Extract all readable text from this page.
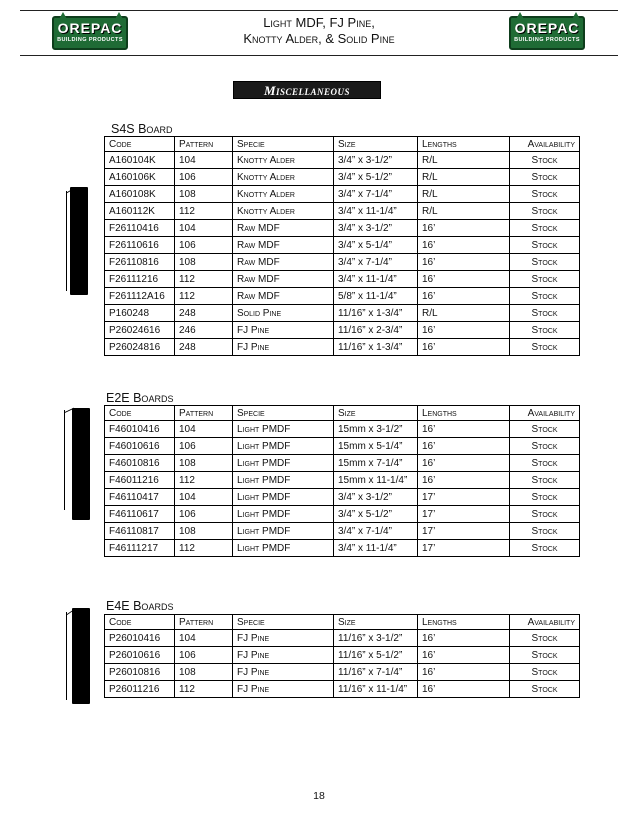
OREPAC
BUILDING PRODUCTS
OREPAC
BUILDING PRODUCTS
Light MDF, FJ Pine,
Knotty Alder, & Solid Pine
Miscellaneous
S4S Board
Code	Pattern	Specie	Size	Lengths	Availability
A160104K	104	Knotty Alder	3/4” x 3-1/2”	R/L	Stock
A160106K	106	Knotty Alder	3/4” x 5-1/2”	R/L	Stock
A160108K	108	Knotty Alder	3/4” x 7-1/4”	R/L	Stock
A160112K	112	Knotty Alder	3/4” x 11-1/4”	R/L	Stock
F26110416	104	Raw MDF	3/4” x 3-1/2”	16’	Stock
F26110616	106	Raw MDF	3/4” x 5-1/4”	16’	Stock
F26110816	108	Raw MDF	3/4” x 7-1/4”	16’	Stock
F26111216	112	Raw MDF	3/4” x 11-1/4”	16’	Stock
F261112A16	112	Raw MDF	5/8” x 11-1/4”	16’	Stock
P160248	248	Solid Pine	11/16” x 1-3/4”	R/L	Stock
P26024616	246	FJ Pine	11/16” x 2-3/4”	16’	Stock
P26024816	248	FJ Pine	11/16” x 1-3/4”	16’	Stock
E2E Boards
Code	Pattern	Specie	Size	Lengths	Availability
F46010416	104	Light PMDF	15mm x 3-1/2”	16’	Stock
F46010616	106	Light PMDF	15mm x 5-1/4”	16’	Stock
F46010816	108	Light PMDF	15mm x 7-1/4”	16’	Stock
F46011216	112	Light PMDF	15mm x 11-1/4”	16’	Stock
F46110417	104	Light PMDF	3/4” x 3-1/2”	17’	Stock
F46110617	106	Light PMDF	3/4” x 5-1/2”	17’	Stock
F46110817	108	Light PMDF	3/4” x 7-1/4”	17’	Stock
F46111217	112	Light PMDF	3/4” x 11-1/4”	17’	Stock
E4E Boards
Code	Pattern	Specie	Size	Lengths	Availability
P26010416	104	FJ Pine	11/16” x 3-1/2”	16’	Stock
P26010616	106	FJ Pine	11/16” x 5-1/2”	16’	Stock
P26010816	108	FJ Pine	11/16” x 7-1/4”	16’	Stock
P26011216	112	FJ Pine	11/16” x 11-1/4”	16’	Stock
18
